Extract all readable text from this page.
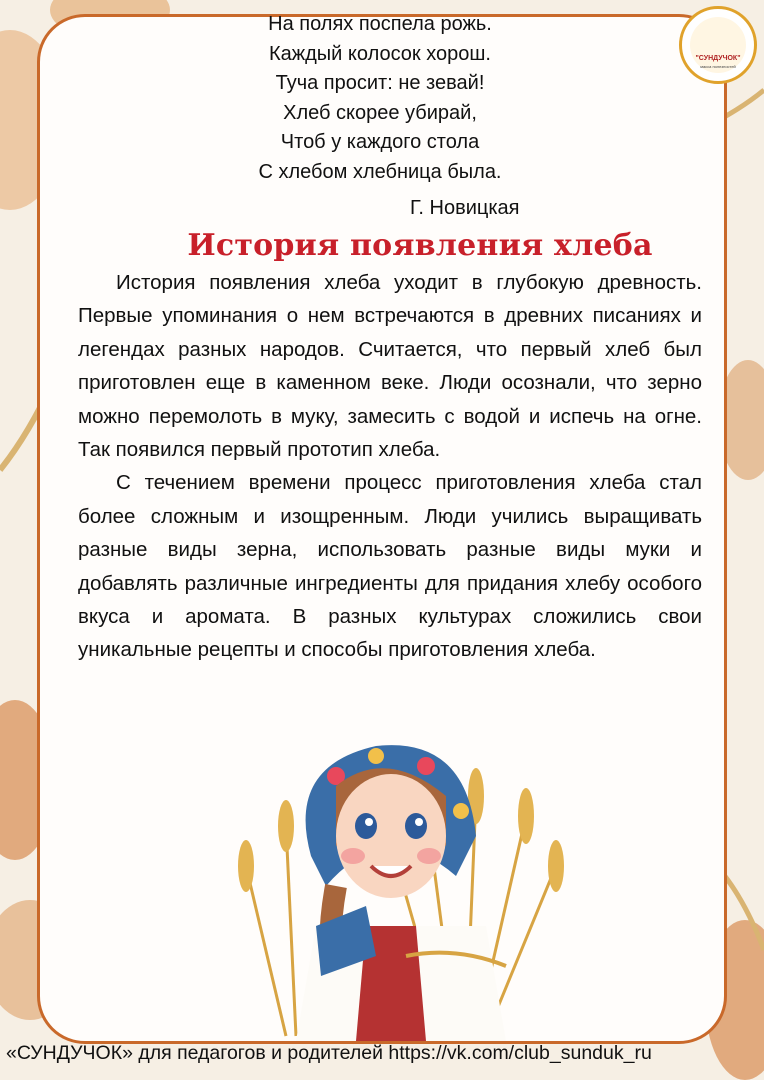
На полях поспела рожь.
Каждый колосок хорош.
Туча просит: не зевай!
Хлеб скорее убирай,
Чтоб у каждого стола
С хлебом хлебница была.
Г. Новицкая
История появления хлеба

История появления хлеба уходит в глубокую древность. Первые упоминания о нем встречаются в древних писаниях и легендах разных народов. Считается, что первый хлеб был приготовлен еще в каменном веке. Люди осознали, что зерно можно перемолоть в муку, замесить с водой и испечь на огне. Так появился первый прототип хлеба.

С течением времени процесс приготовления хлеба стал более сложным и изощренным. Люди учились выращивать разные виды зерна, использовать разные виды муки и добавлять различные ингредиенты для придания хлебу особого вкуса и аромата. В разных культурах сложились свои уникальные рецепты и способы приготовления хлеба.

"СУНДУЧОК"
масса полезностей
«СУНДУЧОК» для педагогов и родителей https://vk.com/club_sunduk_ru
